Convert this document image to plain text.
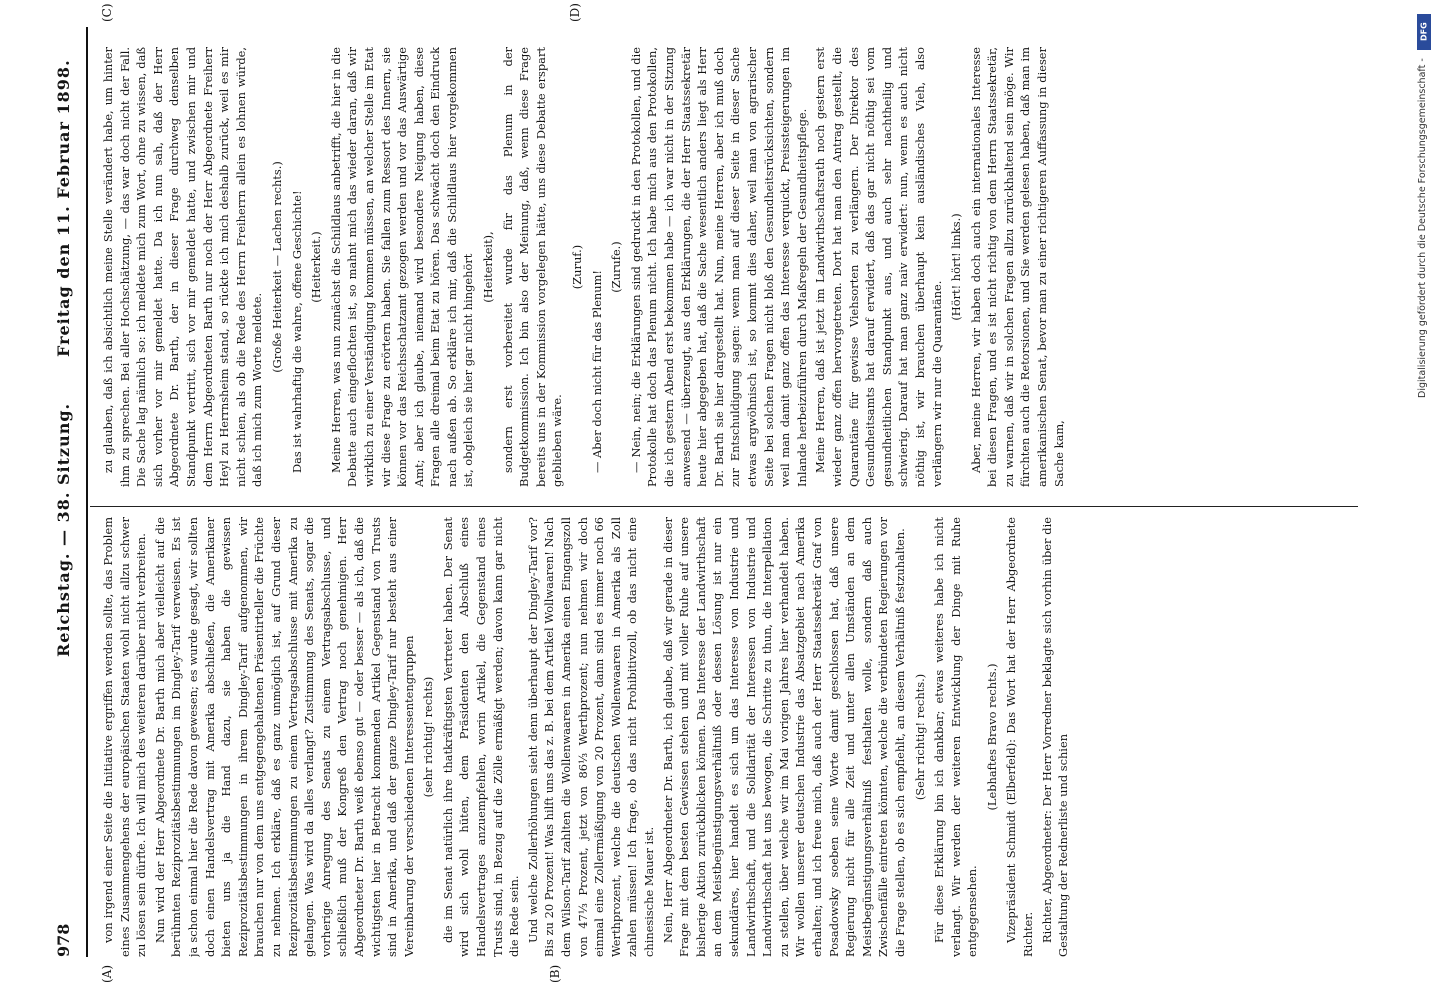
978
Reichstag. — 38. Sitzung.
Freitag den 11. Februar 1898.
(A)	(B)
(C)	(D)

von irgend einer Seite die Initiative ergriffen werden sollte, das Problem eines Zusammengehens der europäischen Staaten wohl nicht allzu schwer zu lösen sein dürfte. Ich will mich des weiteren darüber nicht verbreiten. Nun wird der Herr Abgeordnete Dr. Barth mich aber vielleicht auf die berühmten Reziprozitätsbestimmungen im Dingley-Tarif verweisen. Es ist ja schon einmal hier die Rede davon gewesen; es wurde gesagt, wir sollten doch einen Handelsvertrag mit Amerika abschließen, die Amerikaner bieten uns ja die Hand dazu, sie haben die gewissen Reziprozitätsbestimmungen in ihrem Dingley-Tarif aufgenommen, wir brauchen nur von dem uns entgegengehaltenen Präsentirteller die Früchte zu nehmen. Ich erkläre, daß es ganz unmöglich ist, auf Grund dieser Reziprozitätsbestimmungen zu einem Vertragsabschlusse mit Amerika zu gelangen. Was wird da alles verlangt? Zustimmung des Senats, sogar die vorherige Anregung des Senats zu einem Vertragsabschlusse, und schließlich muß der Kongreß den Vertrag noch genehmigen. Herr Abgeordneter Dr. Barth weiß ebenso gut — oder besser — als ich, daß die wichtigsten hier in Betracht kommenden Artikel Gegenstand von Trusts sind in Amerika, und daß der ganze Dingley-Tarif nur besteht aus einer Vereinbarung der verschiedenen Interessentengruppen (sehr richtig! rechts) die im Senat natürlich ihre thatkräftigsten Vertreter haben. Der Senat wird sich wohl hüten, dem Präsidenten den Abschluß eines Handelsvertrages anzuempfehlen, worin Artikel, die Gegenstand eines Trusts sind, in Bezug auf die Zölle ermäßigt werden; davon kann gar nicht die Rede sein. Und welche Zollerhöhungen sieht denn überhaupt der Dingley-Tarif vor? Bis zu 20 Prozent! Was hilft uns das z. B. bei dem Artikel Wollwaaren! Nach dem Wilson-Tarif zahlten die Wollenwaaren in Amerika einen Eingangszoll von 47⅓ Prozent, jetzt von 86⅓ Werthprozent; nun nehmen wir doch einmal eine Zollermäßigung von 20 Prozent, dann sind es immer noch 66 Werthprozent, welche die deutschen Wollenwaaren in Amerika als Zoll zahlen müssen! Ich frage, ob das nicht Prohibitivzoll, ob das nicht eine chinesische Mauer ist. Nein, Herr Abgeordneter Dr. Barth, ich glaube, daß wir gerade in dieser Frage mit dem besten Gewissen stehen und mit voller Ruhe auf unsere bisherige Aktion zurückblicken können. Das Interesse der Landwirthschaft an dem Meistbegünstigungsverhältniß oder dessen Lösung ist nur ein sekundäres, hier handelt es sich um das Interesse von Industrie und Landwirthschaft, und die Solidarität der Interessen von Industrie und Landwirthschaft hat uns bewogen, die Schritte zu thun, die Interpellation zu stellen, über welche wir im Mai vorigen Jahres hier verhandelt haben. Wir wollen unserer deutschen Industrie das Absatzgebiet nach Amerika erhalten; und ich freue mich, daß auch der Herr Staatssekretär Graf von Posadowsky soeben seine Worte damit geschlossen hat, daß unsere Regierung nicht für alle Zeit und unter allen Umständen an dem Meistbegünstigungsverhältniß festhalten wolle, sondern daß auch Zwischenfälle eintreten könnten, welche die verbündeten Regierungen vor die Frage stellen, ob es sich empfiehlt, an diesem Verhältniß festzuhalten. (Sehr richtig! rechts.) Für diese Erklärung bin ich dankbar; etwas weiteres habe ich nicht verlangt. Wir werden der weiteren Entwicklung der Dinge mit Ruhe entgegensehen.

(Lebhaftes Bravo rechts.) Vizepräsident Schmidt (Elberfeld): Das Wort hat der Herr Abgeordnete Richter. Richter, Abgeordneter: Der Herr Vorredner beklagte sich vorhin über die Gestaltung der Rednerliste und schien

zu glauben, daß ich absichtlich meine Stelle verändert habe, um hinter ihm zu sprechen. Bei aller Hochschätzung, — das war doch nicht der Fall. Die Sache lag nämlich so: ich meldete mich zum Wort, ohne zu wissen, daß sich vorher vor mir gemeldet hatte. Da ich nun sah, daß der Herr Abgeordnete Dr. Barth, der in dieser Frage durchweg denselben Standpunkt vertritt, sich vor mir gemeldet hatte, und zwischen mir und dem Herrn Abgeordneten Barth nur noch der Herr Abgeordnete Freiherr Heyl zu Herrnsheim stand, so rückte ich mich deshalb zurück, weil es mir nicht schien, als ob die Rede des Herrn Freiherrn allein es lohnen würde, daß ich mich zum Worte meldete.

(Große Heiterkeit — Lachen rechts.) Das ist wahrhaftig die wahre, offene Geschichte! (Heiterkeit.) Meine Herren, was nun zunächst die Schildlaus anbetrifft, die hier in die Debatte auch eingeflochten ist, so mahnt mich das wieder daran, daß wir wirklich zu einer Verständigung kommen müssen, an welcher Stelle im Etat wir diese Frage zu erörtern haben. Sie fallen zum Ressort des Innern, sie können vor das Reichsschatzamt gezogen werden und vor das Auswärtige Amt; aber ich glaube, niemand wird besondere Neigung haben, diese Fragen alle dreimal beim Etat zu hören. Das schwächt doch den Eindruck nach außen ab. So erkläre ich mir, daß die Schildlaus hier vorgekommen ist, obgleich sie hier gar nicht hingehört (Heiterkeit), sondern erst vorbereitet wurde für das Plenum in der Budgetkommission. Ich bin also der Meinung, daß, wenn diese Frage bereits uns in der Kommission vorgelegen hätte, uns diese Debatte erspart geblieben wäre.

(Zuruf.)

— Aber doch nicht für das Plenum!

(Zurufe.) — Nein, nein; die Erklärungen sind gedruckt in den Protokollen, und die Protokolle hat doch das Plenum nicht. Ich habe mich aus den Protokollen, die ich gestern Abend erst bekommen habe — ich war nicht in der Sitzung anwesend — überzeugt, aus den Erklärungen, die der Herr Staatssekretär heute hier abgegeben hat, daß die Sache wesentlich anders liegt als Herr Dr. Barth sie hier dargestellt hat. Nun, meine Herren, aber ich muß doch zur Entschuldigung sagen: wenn man auf dieser Seite in dieser Sache etwas argwöhnisch ist, so kommt dies daher, weil man von agrarischer Seite bei solchen Fragen nicht bloß den Gesundheitsrücksichten, sondern weil man damit ganz offen das Interesse verquickt, Preissteigerungen im Inlande herbeizuführen durch Maßregeln der Gesundheitspflege. Meine Herren, daß ist jetzt im Landwirthschaftsrath noch gestern erst wieder ganz offen hervorgetreten. Dort hat man den Antrag gestellt, die Quarantäne für gewisse Viehsorten zu verlängern. Der Direktor des Gesundheitsamts hat darauf erwidert, daß das gar nicht nöthig sei vom gesundheitlichen Standpunkt aus, und auch sehr nachtheilig und schwierig. Darauf hat man ganz naiv erwidert: nun, wenn es auch nicht nöthig ist, wir brauchen überhaupt kein ausländisches Vieh, also verlängern wir nur die Quarantäne.

(Hört! hört! links.) Aber, meine Herren, wir haben doch auch ein internationales Interesse bei diesen Fragen, und es ist nicht richtig von dem Herrn Staatssekretär, zu warnen, daß wir in solchen Fragen allzu zurückhaltend sein möge. Wir fürchten auch die Retorsionen, und Sie werden gelesen haben, daß man im amerikanischen Senat, bevor man zu einer richtigeren Auffassung in dieser Sache kam,

DFG
Digitalisierung gefördert durch die Deutsche Forschungsgemeinschaft -
